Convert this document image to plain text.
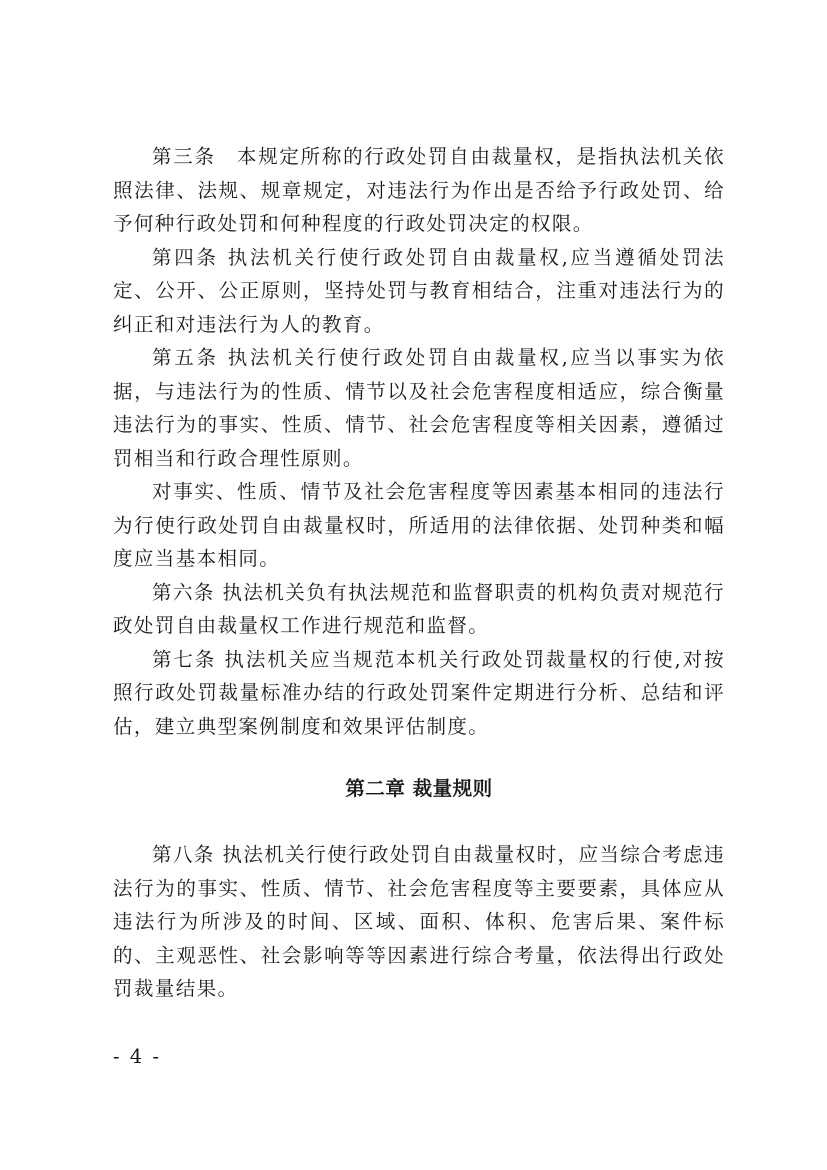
第三条　本规定所称的行政处罚自由裁量权，是指执法机关依照法律、法规、规章规定，对违法行为作出是否给予行政处罚、给予何种行政处罚和何种程度的行政处罚决定的权限。

第四条 执法机关行使行政处罚自由裁量权,应当遵循处罚法定、公开、公正原则，坚持处罚与教育相结合，注重对违法行为的纠正和对违法行为人的教育。

第五条 执法机关行使行政处罚自由裁量权,应当以事实为依据，与违法行为的性质、情节以及社会危害程度相适应，综合衡量违法行为的事实、性质、情节、社会危害程度等相关因素，遵循过罚相当和行政合理性原则。

对事实、性质、情节及社会危害程度等因素基本相同的违法行为行使行政处罚自由裁量权时，所适用的法律依据、处罚种类和幅度应当基本相同。

第六条 执法机关负有执法规范和监督职责的机构负责对规范行政处罚自由裁量权工作进行规范和监督。

第七条 执法机关应当规范本机关行政处罚裁量权的行使,对按照行政处罚裁量标准办结的行政处罚案件定期进行分析、总结和评估，建立典型案例制度和效果评估制度。

第二章 裁量规则

第八条 执法机关行使行政处罚自由裁量权时，应当综合考虑违法行为的事实、性质、情节、社会危害程度等主要要素，具体应从违法行为所涉及的时间、区域、面积、体积、危害后果、案件标的、主观恶性、社会影响等等因素进行综合考量，依法得出行政处罚裁量结果。

- 4 -
